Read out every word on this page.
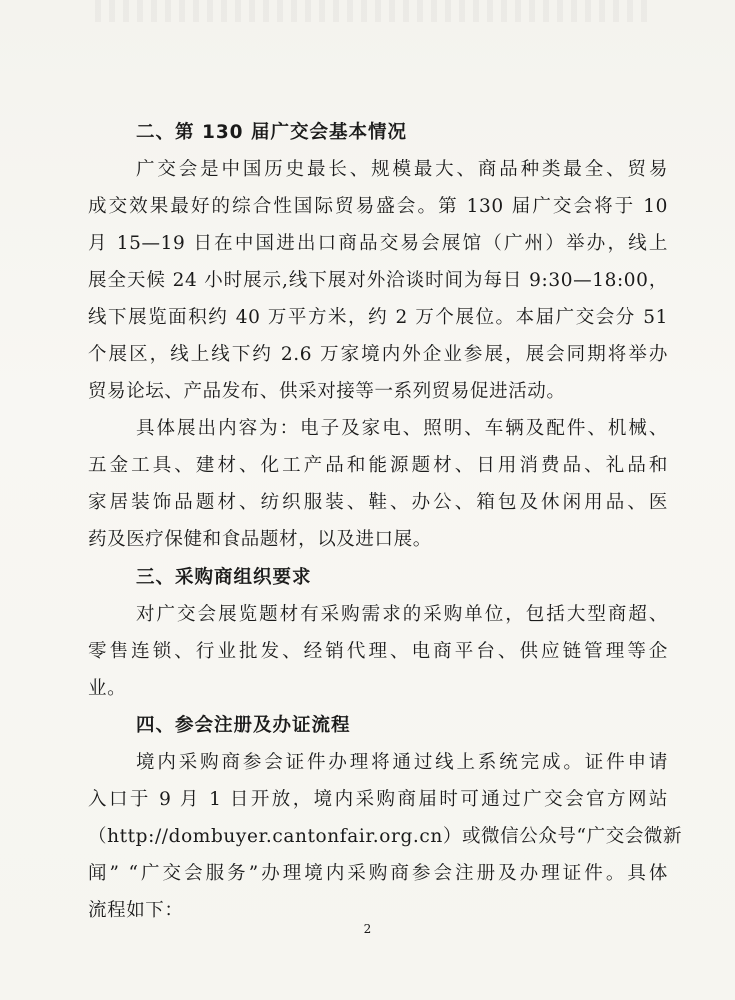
二、第 130 届广交会基本情况
广交会是中国历史最长、规模最大、商品种类最全、贸易
成交效果最好的综合性国际贸易盛会。第 130 届广交会将于 10
月 15—19 日在中国进出口商品交易会展馆（广州）举办，线上
展全天候 24 小时展示,线下展对外洽谈时间为每日 9:30—18:00，
线下展览面积约 40 万平方米，约 2 万个展位。本届广交会分 51
个展区，线上线下约 2.6 万家境内外企业参展，展会同期将举办
贸易论坛、产品发布、供采对接等一系列贸易促进活动。
具体展出内容为：电子及家电、照明、车辆及配件、机械、
五金工具、建材、化工产品和能源题材、日用消费品、礼品和
家居装饰品题材、纺织服装、鞋、办公、箱包及休闲用品、医
药及医疗保健和食品题材，以及进口展。
三、采购商组织要求
对广交会展览题材有采购需求的采购单位，包括大型商超、
零售连锁、行业批发、经销代理、电商平台、供应链管理等企
业。
四、参会注册及办证流程
境内采购商参会证件办理将通过线上系统完成。证件申请
入口于 9 月 1 日开放，境内采购商届时可通过广交会官方网站
（http://dombuyer.cantonfair.org.cn）或微信公众号“广交会微新
闻” “广交会服务”办理境内采购商参会注册及办理证件。具体
流程如下：
2
